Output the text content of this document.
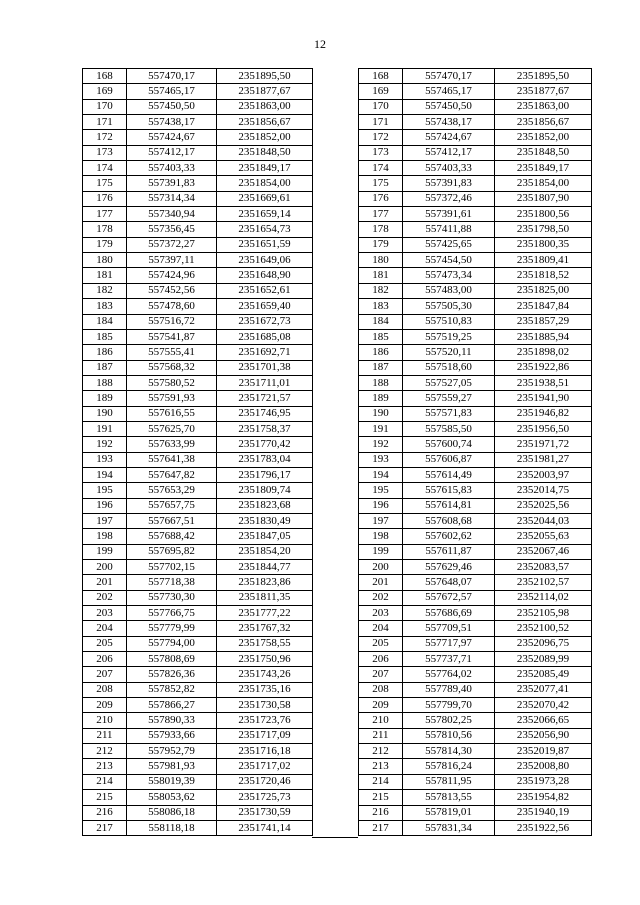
12
168	557470,17	2351895,50
169	557465,17	2351877,67
170	557450,50	2351863,00
171	557438,17	2351856,67
172	557424,67	2351852,00
173	557412,17	2351848,50
174	557403,33	2351849,17
175	557391,83	2351854,00
176	557314,34	2351669,61
177	557340,94	2351659,14
178	557356,45	2351654,73
179	557372,27	2351651,59
180	557397,11	2351649,06
181	557424,96	2351648,90
182	557452,56	2351652,61
183	557478,60	2351659,40
184	557516,72	2351672,73
185	557541,87	2351685,08
186	557555,41	2351692,71
187	557568,32	2351701,38
188	557580,52	2351711,01
189	557591,93	2351721,57
190	557616,55	2351746,95
191	557625,70	2351758,37
192	557633,99	2351770,42
193	557641,38	2351783,04
194	557647,82	2351796,17
195	557653,29	2351809,74
196	557657,75	2351823,68
197	557667,51	2351830,49
198	557688,42	2351847,05
199	557695,82	2351854,20
200	557702,15	2351844,77
201	557718,38	2351823,86
202	557730,30	2351811,35
203	557766,75	2351777,22
204	557779,99	2351767,32
205	557794,00	2351758,55
206	557808,69	2351750,96
207	557826,36	2351743,26
208	557852,82	2351735,16
209	557866,27	2351730,58
210	557890,33	2351723,76
211	557933,66	2351717,09
212	557952,79	2351716,18
213	557981,93	2351717,02
214	558019,39	2351720,46
215	558053,62	2351725,73
216	558086,18	2351730,59
217	558118,18	2351741,14
168	557470,17	2351895,50
169	557465,17	2351877,67
170	557450,50	2351863,00
171	557438,17	2351856,67
172	557424,67	2351852,00
173	557412,17	2351848,50
174	557403,33	2351849,17
175	557391,83	2351854,00
176	557372,46	2351807,90
177	557391,61	2351800,56
178	557411,88	2351798,50
179	557425,65	2351800,35
180	557454,50	2351809,41
181	557473,34	2351818,52
182	557483,00	2351825,00
183	557505,30	2351847,84
184	557510,83	2351857,29
185	557519,25	2351885,94
186	557520,11	2351898,02
187	557518,60	2351922,86
188	557527,05	2351938,51
189	557559,27	2351941,90
190	557571,83	2351946,82
191	557585,50	2351956,50
192	557600,74	2351971,72
193	557606,87	2351981,27
194	557614,49	2352003,97
195	557615,83	2352014,75
196	557614,81	2352025,56
197	557608,68	2352044,03
198	557602,62	2352055,63
199	557611,87	2352067,46
200	557629,46	2352083,57
201	557648,07	2352102,57
202	557672,57	2352114,02
203	557686,69	2352105,98
204	557709,51	2352100,52
205	557717,97	2352096,75
206	557737,71	2352089,99
207	557764,02	2352085,49
208	557789,40	2352077,41
209	557799,70	2352070,42
210	557802,25	2352066,65
211	557810,56	2352056,90
212	557814,30	2352019,87
213	557816,24	2352008,80
214	557811,95	2351973,28
215	557813,55	2351954,82
216	557819,01	2351940,19
217	557831,34	2351922,56
